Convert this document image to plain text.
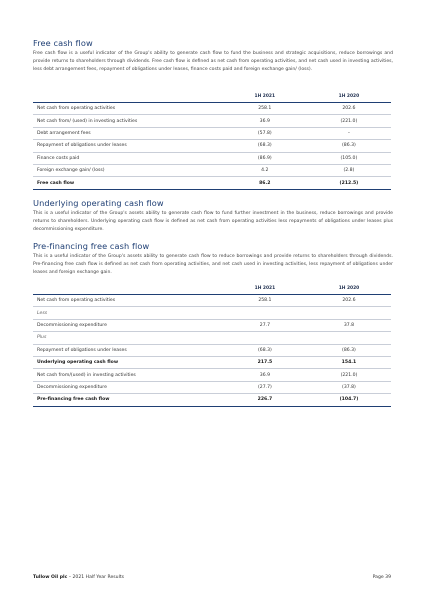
Free cash flow

Free cash flow is a useful indicator of the Group's ability to generate cash flow to fund the business and strategic acquisitions, reduce borrowings and provide returns to shareholders through dividends. Free cash flow is defined as net cash from operating activities, and net cash used in investing activities, less debt arrangement fees, repayment of obligations under leases, finance costs paid and foreign exchange gain/ (loss).

	1H 2021	1H 2020
Net cash from operating activities	258.1	202.6
Net cash from/ (used) in investing activities	36.9	(221.0)
Debt arrangement fees	(57.8)	–
Repayment of obligations under leases	(68.3)	(86.3)
Finance costs paid	(86.9)	(105.0)
Foreign exchange gain/ (loss)	4.2	(2.8)
Free cash flow	86.2	(212.5)
Underlying operating cash flow

This is a useful indicator of the Group's assets ability to generate cash flow to fund further investment in the business, reduce borrowings and provide returns to shareholders. Underlying operating cash flow is defined as net cash from operating activities less repayments of obligations under leases plus decommissioning expenditure.

Pre-financing free cash flow

This is a useful indicator of the Group's assets ability to generate cash flow to reduce borrowings and provide returns to shareholders through dividends. Pre-financing free cash flow is defined as net cash from operating activities, and net cash used in investing activities, less repayment of obligations under leases and foreign exchange gain.

	1H 2021	1H 2020
Net cash from operating activities	258.1	202.6
Less		
Decommissioning expenditure	27.7	37.8
Plus		
Repayment of obligations under leases	(68.3)	(86.3)
Underlying operating cash flow	217.5	154.1
Net cash from/(used) in investing activities	36.9	(221.0)
Decommissioning expenditure	(27.7)	(37.8)
Pre-financing free cash flow	226.7	(104.7)
Tullow Oil plc – 2021 Half Year Results	Page 39
